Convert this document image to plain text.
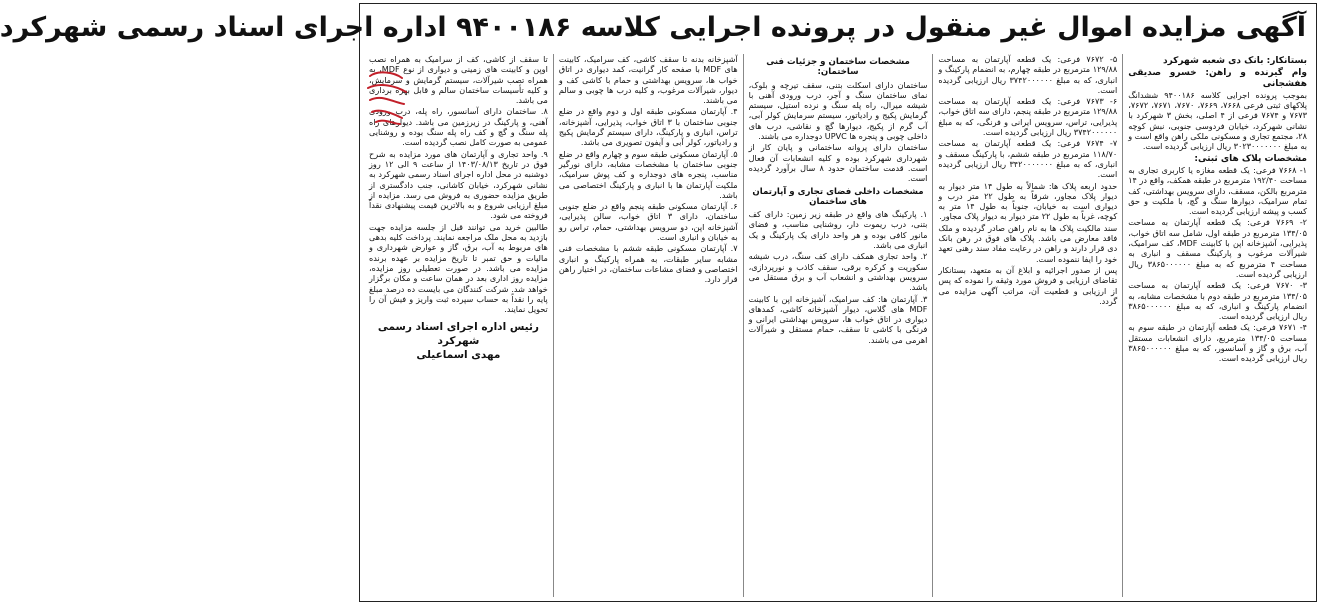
آگهی مزایده اموال غیر منقول در پرونده اجرایی کلاسه ۹۴۰۰۱۸۶ اداره اجرای اسناد رسمی شهرکرد

بستانکار: بانک دی شعبه شهرکرد

وام گیرنده و راهن: خسرو صدیقی هفشجانی

بموجب پرونده اجرایی کلاسه ۹۴۰۰۱۸۶ ششدانگ پلاکهای ثبتی فرعی ۷۶۶۸، ۷۶۶۹، ۷۶۷۰، ۷۶۷۱، ۷۶۷۲، ۷۶۷۳ و ۷۶۷۴ فرعی از ۴ اصلی، بخش ۳ شهرکرد با نشانی شهرکرد، خیابان فردوسی جنوبی، نبش کوچه ۲۸، مجتمع تجاری و مسکونی ملکی راهن واقع است و به مبلغ ۳۰۲۳۰۰۰۰۰۰۰ ریال ارزیابی گردیده است.

مشخصات پلاک های ثبتی:

۱- ۷۶۶۸ فرعی: یک قطعه مغازه یا کاربری تجاری به مساحت ۱۹۲/۴۰ مترمربع در طبقه همکف، واقع در ۱۴ مترمربع بالکن، مسقف، دارای سرویس بهداشتی، کف تمام سرامیک، دیوارها سنگ و گچ، با ملکیت و حق کسب و پیشه ارزیابی گردیده است.

۲- ۷۶۶۹ فرعی: یک قطعه آپارتمان به مساحت ۱۳۴/۰۵ مترمربع در طبقه اول، شامل سه اتاق خواب، پذیرایی، آشپزخانه اپن با کابینت MDF، کف سرامیک، شیرآلات مرغوب و پارکینگ مسقف و انباری به مساحت ۴ مترمربع که به مبلغ ۳۸۶۵۰۰۰۰۰۰ ریال ارزیابی گردیده است.

۳- ۷۶۷۰ فرعی: یک قطعه آپارتمان به مساحت ۱۳۴/۰۵ مترمربع در طبقه دوم با مشخصات مشابه، به انضمام پارکینگ و انباری، که به مبلغ ۳۸۶۵۰۰۰۰۰۰ ریال ارزیابی گردیده است.

۴- ۷۶۷۱ فرعی: یک قطعه آپارتمان در طبقه سوم به مساحت ۱۳۴/۰۵ مترمربع، دارای انشعابات مستقل آب، برق و گاز و آسانسور، که به مبلغ ۳۸۶۵۰۰۰۰۰۰ ریال ارزیابی گردیده است.

۵- ۷۶۷۲ فرعی: یک قطعه آپارتمان به مساحت ۱۲۹/۸۸ مترمربع در طبقه چهارم، به انضمام پارکینگ و انباری، که به مبلغ ۳۷۴۲۰۰۰۰۰۰ ریال ارزیابی گردیده است.

۶- ۷۶۷۳ فرعی: یک قطعه آپارتمان به مساحت ۱۲۹/۸۸ مترمربع در طبقه پنجم، دارای سه اتاق خواب، پذیرایی، تراس، سرویس ایرانی و فرنگی، که به مبلغ ۳۷۴۲۰۰۰۰۰۰ ریال ارزیابی گردیده است.

۷- ۷۶۷۴ فرعی: یک قطعه آپارتمان به مساحت ۱۱۸/۷۰ مترمربع در طبقه ششم، با پارکینگ مسقف و انباری، که به مبلغ ۳۴۲۰۰۰۰۰۰۰ ریال ارزیابی گردیده است.

حدود اربعه پلاک ها: شمالاً به طول ۱۴ متر دیوار به دیوار پلاک مجاور، شرقاً به طول ۲۲ متر درب و دیواری است به خیابان، جنوباً به طول ۱۴ متر به کوچه، غرباً به طول ۲۲ متر دیوار به دیوار پلاک مجاور.

سند مالکیت پلاک ها به نام راهن صادر گردیده و ملک فاقد معارض می باشد. پلاک های فوق در رهن بانک دی قرار دارند و راهن در رعایت مفاد سند رهنی تعهد خود را ایفا ننموده است.

پس از صدور اجرائیه و ابلاغ آن به متعهد، بستانکار تقاضای ارزیابی و فروش مورد وثیقه را نموده که پس از ارزیابی و قطعیت آن، مراتب آگهی مزایده می گردد.

مشخصات ساختمان و جزئیات فنی ساختمان:

ساختمان دارای اسکلت بتنی، سقف تیرچه و بلوک، نمای ساختمان سنگ و آجر، درب ورودی آهنی با شیشه میرال، راه پله سنگ و نرده استیل، سیستم گرمایش پکیج و رادیاتور، سیستم سرمایش کولر آبی، آب گرم از پکیج، دیوارها گچ و نقاشی، درب های داخلی چوبی و پنجره ها UPVC دوجداره می باشند.

ساختمان دارای پروانه ساختمانی و پایان کار از شهرداری شهرکرد بوده و کلیه انشعابات آن فعال است. قدمت ساختمان حدود ۸ سال برآورد گردیده است.

مشخصات داخلی فضای تجاری و آپارتمان های ساختمان

۱. پارکینگ های واقع در طبقه زیر زمین: دارای کف بتنی، درب ریموت دار، روشنایی مناسب، و فضای مانور کافی بوده و هر واحد دارای یک پارکینگ و یک انباری می باشد.

۲. واحد تجاری همکف دارای کف سنگ، درب شیشه سکوریت و کرکره برقی، سقف کاذب و نورپردازی، سرویس بهداشتی و انشعاب آب و برق مستقل می باشد.

۳. آپارتمان ها: کف سرامیک، آشپزخانه اپن با کابینت MDF های گلاس، دیوار آشپزخانه کاشی، کمدهای دیواری در اتاق خواب ها، سرویس بهداشتی ایرانی و فرنگی با کاشی تا سقف، حمام مستقل و شیرآلات اهرمی می باشند.

آشپزخانه بدنه تا سقف کاشی، کف سرامیک، کابینت های MDF با صفحه کار گرانیت، کمد دیواری در اتاق خواب ها، سرویس بهداشتی و حمام با کاشی کف و دیوار، شیرآلات مرغوب، و کلیه درب ها چوبی و سالم می باشند.

۴. آپارتمان مسکونی طبقه اول و دوم واقع در ضلع جنوبی ساختمان با ۳ اتاق خواب، پذیرایی، آشپزخانه، تراس، انباری و پارکینگ، دارای سیستم گرمایش پکیج و رادیاتور، کولر آبی و آیفون تصویری می باشد.

۵. آپارتمان مسکونی طبقه سوم و چهارم واقع در ضلع جنوبی ساختمان با مشخصات مشابه، دارای نورگیر مناسب، پنجره های دوجداره و کف پوش سرامیک، ملکیت آپارتمان ها با انباری و پارکینگ اختصاصی می باشد.

۶. آپارتمان مسکونی طبقه پنجم واقع در ضلع جنوبی ساختمان، دارای ۳ اتاق خواب، سالن پذیرایی، آشپزخانه اپن، دو سرویس بهداشتی، حمام، تراس رو به خیابان و انباری است.

۷. آپارتمان مسکونی طبقه ششم با مشخصات فنی مشابه سایر طبقات، به همراه پارکینگ و انباری اختصاصی و فضای مشاعات ساختمان، در اختیار راهن قرار دارد.

تا سقف از کاشی، کف از سرامیک به همراه نصب اوپن و کابینت های زمینی و دیواری از نوع MDF، به همراه تصب شیرآلات، سیستم گرمایش و سرمایش، و کلیه تأسیسات ساختمان سالم و قابل بهره برداری می باشد.

۸. ساختمان دارای آسانسور، راه پله، درب ورودی آهنی، و پارکینگ در زیرزمین می باشد. دیوارهای راه پله سنگ و گچ و کف راه پله سنگ بوده و روشنایی عمومی به صورت کامل نصب گردیده است.

۹. واحد تجاری و آپارتمان های مورد مزایده به شرح فوق در تاریخ ۱۴۰۳/۰۸/۱۳ از ساعت ۹ الی ۱۲ روز دوشنبه در محل اداره اجرای اسناد رسمی شهرکرد به نشانی شهرکرد، خیابان کاشانی، جنب دادگستری از طریق مزایده حضوری به فروش می رسد. مزایده از مبلغ ارزیابی شروع و به بالاترین قیمت پیشنهادی نقداً فروخته می شود.

طالبین خرید می توانند قبل از جلسه مزایده جهت بازدید به محل ملک مراجعه نمایند. پرداخت کلیه بدهی های مربوط به آب، برق، گاز و عوارض شهرداری و مالیات و حق تمبر تا تاریخ مزایده بر عهده برنده مزایده می باشد. در صورت تعطیلی روز مزایده، مزایده روز اداری بعد در همان ساعت و مکان برگزار خواهد شد. شرکت کنندگان می بایست ده درصد مبلغ پایه را نقداً به حساب سپرده ثبت واریز و فیش آن را تحویل نمایند.

رئیس اداره اجرای اسناد رسمی شهرکرد
مهدی اسماعیلی
